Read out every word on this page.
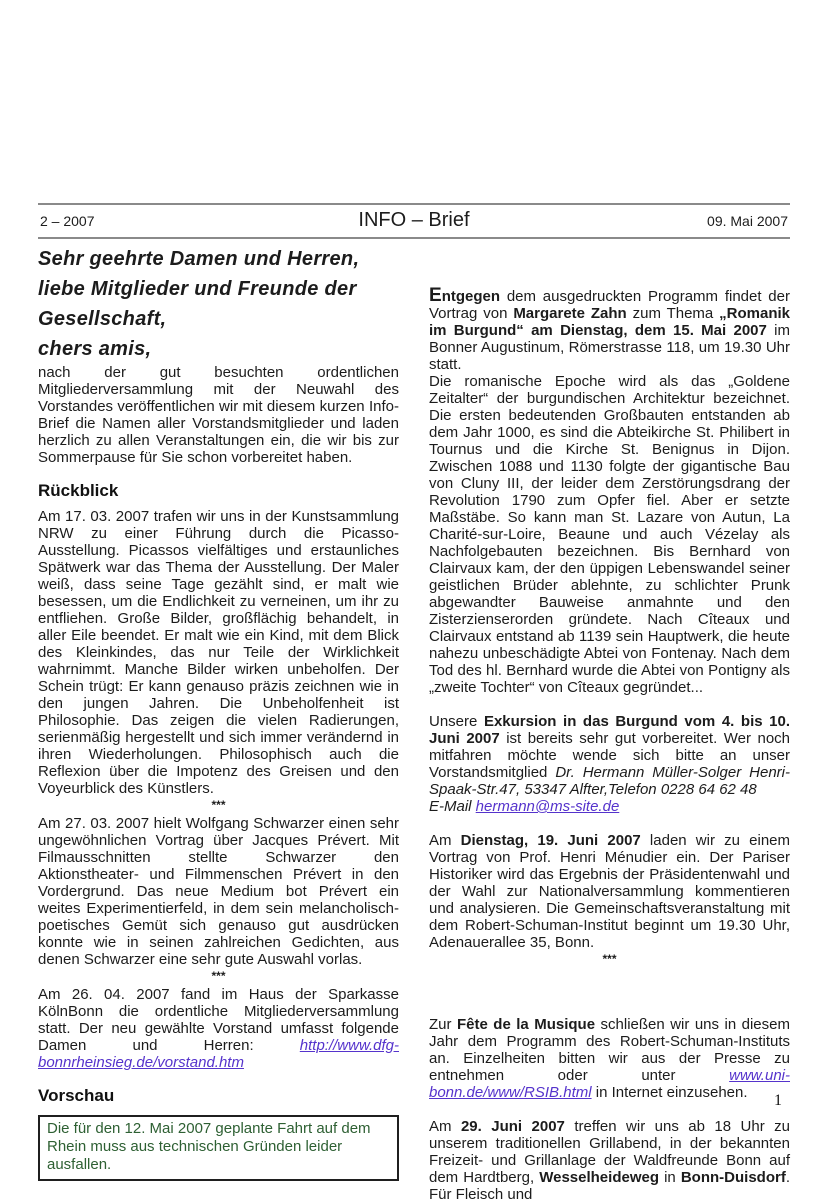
2 – 2007	INFO – Brief	09. Mai 2007
Sehr geehrte Damen und Herren,
liebe Mitglieder und Freunde der
Gesellschaft,
chers amis,

nach der gut besuchten ordentlichen Mitgliederversammlung mit der Neuwahl des Vorstandes veröffentlichen wir mit diesem kurzen Info-Brief die Namen aller Vorstandsmitglieder und laden herzlich zu allen Veranstaltungen ein, die wir bis zur Sommerpause für Sie schon vorbereitet haben.

Rückblick

Am 17. 03. 2007 trafen wir uns in der Kunstsammlung NRW zu einer Führung durch die Picasso-Ausstellung. Picassos vielfältiges und erstaunliches Spätwerk war das Thema der Ausstellung. Der Maler weiß, dass seine Tage gezählt sind, er malt wie besessen, um die Endlichkeit zu verneinen, um ihr zu entfliehen. Große Bilder, großflächig behandelt, in aller Eile beendet. Er malt wie ein Kind, mit dem Blick des Kleinkindes, das nur Teile der Wirklichkeit wahrnimmt. Manche Bilder wirken unbeholfen. Der Schein trügt: Er kann genauso präzis zeichnen wie in den jungen Jahren. Die Unbeholfenheit ist Philosophie. Das zeigen die vielen Radierungen, serienmäßig hergestellt und sich immer verändernd in ihren Wiederholungen. Philosophisch auch die Reflexion über die Impotenz des Greisen und den Voyeurblick des Künstlers.

***

Am 27. 03. 2007 hielt Wolfgang Schwarzer einen sehr ungewöhnlichen Vortrag über Jacques Prévert. Mit Filmausschnitten stellte Schwarzer den Aktionstheater- und Filmmenschen Prévert in den Vordergrund. Das neue Medium bot Prévert ein weites Experimentierfeld, in dem sein melancholisch-poetisches Gemüt sich genauso gut ausdrücken konnte wie in seinen zahlreichen Gedichten, aus denen Schwarzer eine sehr gute Auswahl vorlas.

***

Am 26. 04. 2007 fand im Haus der Sparkasse KölnBonn die ordentliche Mitgliederversammlung statt. Der neu gewählte Vorstand umfasst folgende Damen und Herren: http://www.dfg-bonnrheinsieg.de/vorstand.htm

Vorschau
Die für den 12. Mai 2007 geplante Fahrt auf dem Rhein muss aus technischen Gründen leider ausfallen.

Entgegen dem ausgedruckten Programm findet der Vortrag von Margarete Zahn zum Thema „Romanik im Burgund“ am Dienstag, dem 15. Mai 2007 im Bonner Augustinum, Römerstrasse 118, um 19.30 Uhr statt.

Die romanische Epoche wird als das „Goldene Zeitalter“ der burgundischen Architektur bezeichnet. Die ersten bedeutenden Großbauten entstanden ab dem Jahr 1000, es sind die Abteikirche St. Philibert in Tournus und die Kirche St. Benignus in Dijon. Zwischen 1088 und 1130 folgte der gigantische Bau von Cluny III, der leider dem Zerstörungsdrang der Revolution 1790 zum Opfer fiel. Aber er setzte Maßstäbe. So kann man St. Lazare von Autun, La Charité-sur-Loire, Beaune und auch Vézelay als Nachfolgebauten bezeichnen. Bis Bernhard von Clairvaux kam, der den üppigen Lebenswandel seiner geistlichen Brüder ablehnte, zu schlichter Prunk abgewandter Bauweise anmahnte und den Zisterzienserorden gründete. Nach Cîteaux und Clairvaux entstand ab 1139 sein Hauptwerk, die heute nahezu unbeschädigte Abtei von Fontenay. Nach dem Tod des hl. Bernhard wurde die Abtei von Pontigny als „zweite Tochter“ von Cîteaux gegründet...

Unsere Exkursion in das Burgund vom 4. bis 10. Juni 2007 ist bereits sehr gut vorbereitet. Wer noch mitfahren möchte wende sich bitte an unser Vorstandsmitglied Dr. Hermann Müller-Solger Henri-Spaak-Str.47, 53347 Alfter,Telefon 0228 64 62 48
E-Mail hermann@ms-site.de

Am Dienstag, 19. Juni 2007 laden wir zu einem Vortrag von Prof. Henri Ménudier ein. Der Pariser Historiker wird das Ergebnis der Präsidentenwahl und der Wahl zur Nationalversammlung kommentieren und analysieren. Die Gemeinschaftsveranstaltung mit dem Robert-Schuman-Institut beginnt um 19.30 Uhr, Adenauerallee 35, Bonn.

***

Zur Fête de la Musique schließen wir uns in diesem Jahr dem Programm des Robert-Schuman-Instituts an. Einzelheiten bitten wir aus der Presse zu entnehmen oder unter www.uni-bonn.de/www/RSIB.html in Internet einzusehen.

Am 29. Juni 2007 treffen wir uns ab 18 Uhr zu unserem traditionellen Grillabend, in der bekannten Freizeit- und Grillanlage der Waldfreunde Bonn auf dem Hardtberg, Wesselheideweg in Bonn-Duisdorf. Für Fleisch und

1
